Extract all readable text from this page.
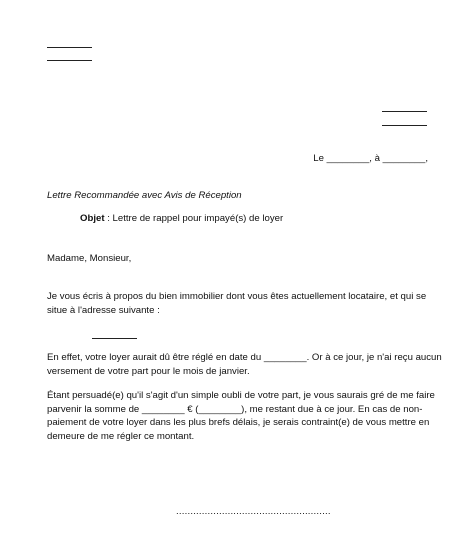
Le ________, à ________,
Lettre Recommandée avec Avis de Réception
Objet : Lettre de rappel pour impayé(s) de loyer
Madame, Monsieur,
Je vous écris à propos du bien immobilier dont vous êtes actuellement locataire, et qui se situe à l'adresse suivante :
En effet, votre loyer aurait dû être réglé en date du ________. Or à ce jour, je n'ai reçu aucun versement de votre part pour le mois de janvier.
Étant persuadé(e) qu'il s'agit d'un simple oubli de votre part, je vous saurais gré de me faire parvenir la somme de ________ € (________), me restant due à ce jour. En cas de non-paiement de votre loyer dans les plus brefs délais, je serais contraint(e) de vous mettre en demeure de me régler ce montant.
......................................................
